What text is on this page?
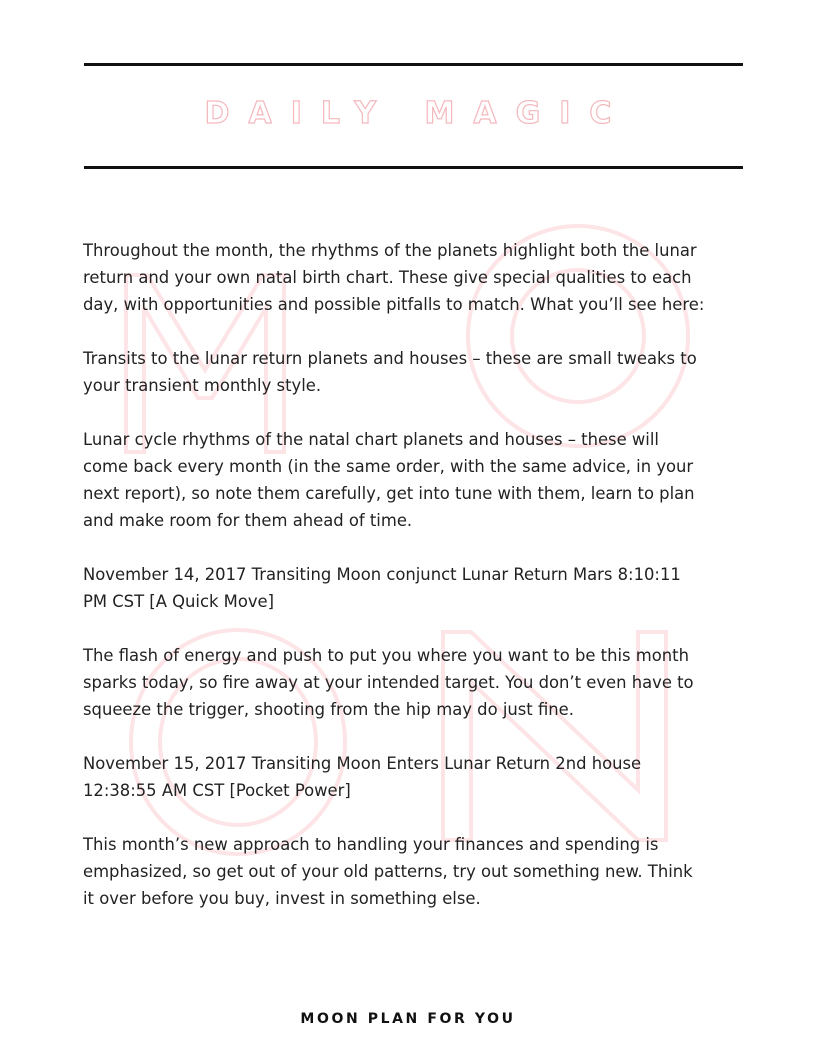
DAILY MAGIC

Throughout the month, the rhythms of the planets highlight both the lunar return and your own natal birth chart. These give special qualities to each day, with opportunities and possible pitfalls to match. What you’ll see here:

Transits to the lunar return planets and houses – these are small tweaks to your transient monthly style.

Lunar cycle rhythms of the natal chart planets and houses – these will come back every month (in the same order, with the same advice, in your next report), so note them carefully, get into tune with them, learn to plan and make room for them ahead of time.

November 14, 2017 Transiting Moon conjunct Lunar Return Mars 8:10:11 PM CST [A Quick Move]

The flash of energy and push to put you where you want to be this month sparks today, so fire away at your intended target. You don’t even have to squeeze the trigger, shooting from the hip may do just fine.

November 15, 2017 Transiting Moon Enters Lunar Return 2nd house 12:38:55 AM CST [Pocket Power]

This month’s new approach to handling your finances and spending is emphasized, so get out of your old patterns, try out something new. Think it over before you buy, invest in something else.

MOON PLAN FOR YOU
